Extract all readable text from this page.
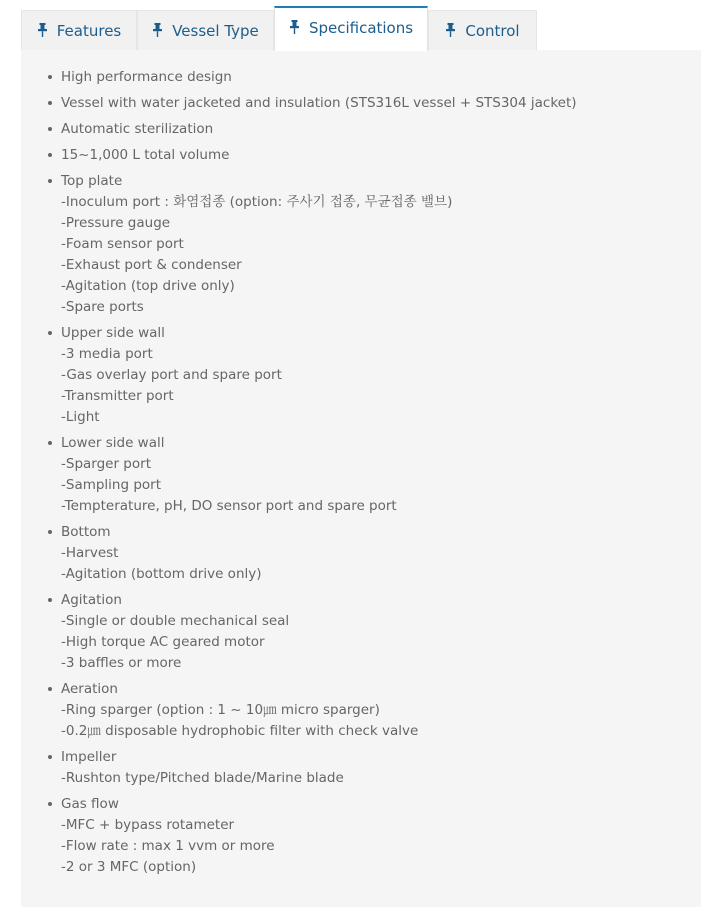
Features	Vessel Type	Specifications	Control
High performance design
Vessel with water jacketed and insulation (STS316L vessel + STS304 jacket)
Automatic sterilization
15~1,000 L total volume
Top plate
-Inoculum port : 화염접종 (option: 주사기 접종, 무균접종 밸브)
-Pressure gauge
-Foam sensor port
-Exhaust port & condenser
-Agitation (top drive only)
-Spare ports
Upper side wall
-3 media port
-Gas overlay port and spare port
-Transmitter port
-Light
Lower side wall
-Sparger port
-Sampling port
-Tempterature, pH, DO sensor port and spare port
Bottom
-Harvest
-Agitation (bottom drive only)
Agitation
-Single or double mechanical seal
-High torque AC geared motor
-3 baffles or more
Aeration
-Ring sparger (option : 1 ~ 10㎛ micro sparger)
-0.2㎛ disposable hydrophobic filter with check valve
Impeller
-Rushton type/Pitched blade/Marine blade
Gas flow
-MFC + bypass rotameter
-Flow rate : max 1 vvm or more
-2 or 3 MFC (option)
